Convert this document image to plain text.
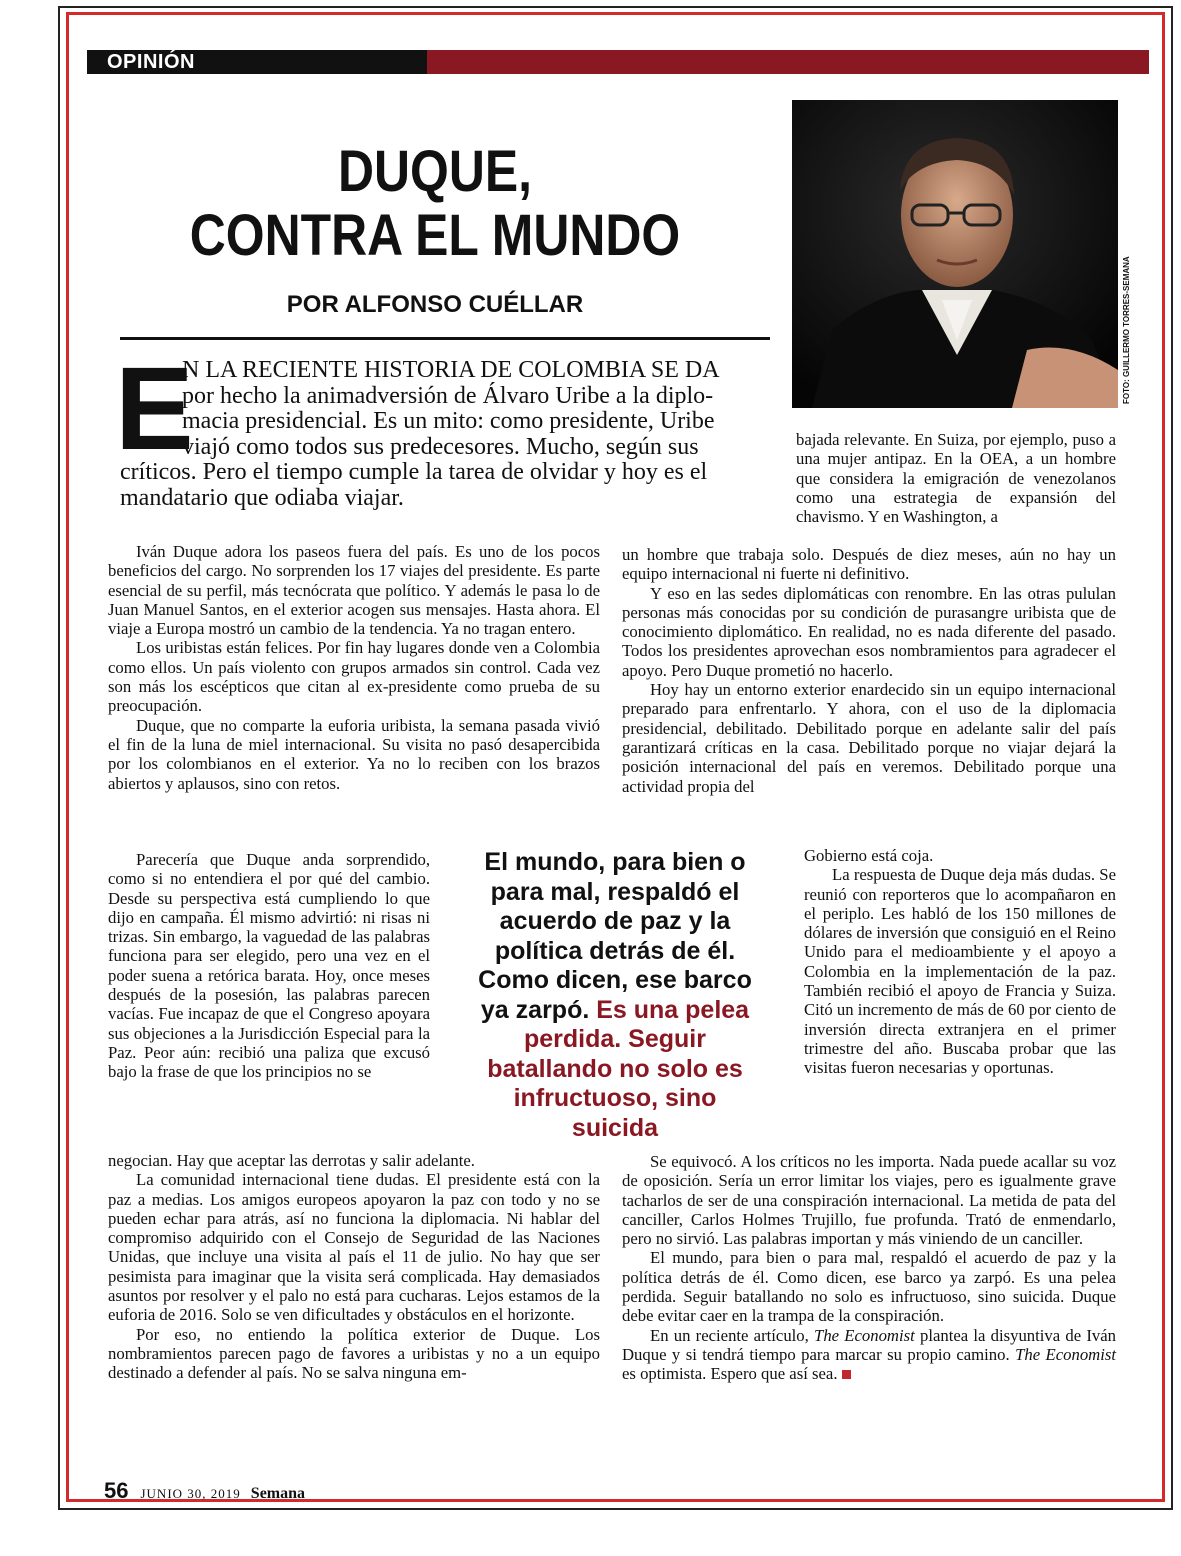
OPINIÓN
DUQUE,
CONTRA EL MUNDO
POR ALFONSO CUÉLLAR	FOTO: GUILLERMO TORRES-SEMANA
E
N LA RECIENTE HISTORIA DE COLOMBIA SE DA
por hecho la animadversión de Álvaro Uribe a la diplo-
macia presidencial. Es un mito: como presidente, Uribe
viajó como todos sus predecesores. Mucho, según sus
críticos. Pero el tiempo cumple la tarea de olvidar y hoy es el
mandatario que odiaba viajar.

Iván Duque adora los paseos fuera del país. Es uno de los pocos beneficios del cargo. No sorprenden los 17 viajes del presidente. Es parte esencial de su perfil, más tecnócrata que político. Y además le pasa lo de Juan Manuel Santos, en el exterior acogen sus mensajes. Hasta ahora. El viaje a Europa mostró un cambio de la tendencia. Ya no tragan entero.

Los uribistas están felices. Por fin hay lugares donde ven a Colombia como ellos. Un país violento con grupos armados sin control. Cada vez son más los escépticos que citan al ex-presidente como prueba de su preocupación.

Duque, que no comparte la euforia uribista, la semana pasada vivió el fin de la luna de miel internacional. Su visita no pasó desapercibida por los colombianos en el exterior. Ya no lo reciben con los brazos abiertos y aplausos, sino con retos.

Parecería que Duque anda sorprendido, como si no entendiera el por qué del cambio. Desde su perspectiva está cumpliendo lo que dijo en campaña. Él mismo advirtió: ni risas ni trizas. Sin embargo, la vaguedad de las palabras funciona para ser elegido, pero una vez en el poder suena a retórica barata. Hoy, once meses después de la posesión, las palabras parecen vacías. Fue incapaz de que el Congreso apoyara sus objeciones a la Jurisdicción Especial para la Paz. Peor aún: recibió una paliza que excusó bajo la frase de que los principios no se

negocian. Hay que aceptar las derrotas y salir adelante.

La comunidad internacional tiene dudas. El presidente está con la paz a medias. Los amigos europeos apoyaron la paz con todo y no se pueden echar para atrás, así no funciona la diplomacia. Ni hablar del compromiso adquirido con el Consejo de Seguridad de las Naciones Unidas, que incluye una visita al país el 11 de julio. No hay que ser pesimista para imaginar que la visita será complicada. Hay demasiados asuntos por resolver y el palo no está para cucharas. Lejos estamos de la euforia de 2016. Solo se ven dificultades y obstáculos en el horizonte.

Por eso, no entiendo la política exterior de Duque. Los nombramientos parecen pago de favores a uribistas y no a un equipo destinado a defender al país. No se salva ninguna em-

bajada relevante. En Suiza, por ejemplo, puso a una mujer antipaz. En la OEA, a un hombre que considera la emigración de venezolanos como una estrategia de expansión del chavismo. Y en Washington, a

un hombre que trabaja solo. Después de diez meses, aún no hay un equipo internacional ni fuerte ni definitivo.

Y eso en las sedes diplomáticas con renombre. En las otras pululan personas más conocidas por su condición de purasangre uribista que de conocimiento diplomático. En realidad, no es nada diferente del pasado. Todos los presidentes aprovechan esos nombramientos para agradecer el apoyo. Pero Duque prometió no hacerlo.

Hoy hay un entorno exterior enardecido sin un equipo internacional preparado para enfrentarlo. Y ahora, con el uso de la diplomacia presidencial, debilitado. Debilitado porque en adelante salir del país garantizará críticas en la casa. Debilitado porque no viajar dejará la posición internacional del país en veremos. Debilitado porque una actividad propia del

Gobierno está coja.

La respuesta de Duque deja más dudas. Se reunió con reporteros que lo acompañaron en el periplo. Les habló de los 150 millones de dólares de inversión que consiguió en el Reino Unido para el medioambiente y el apoyo a Colombia en la implementación de la paz. También recibió el apoyo de Francia y Suiza. Citó un incremento de más de 60 por ciento de inversión directa extranjera en el primer trimestre del año. Buscaba probar que las visitas fueron necesarias y oportunas.

Se equivocó. A los críticos no les importa. Nada puede acallar su voz de oposición. Sería un error limitar los viajes, pero es igualmente grave tacharlos de ser de una conspiración internacional. La metida de pata del canciller, Carlos Holmes Trujillo, fue profunda. Trató de enmendarlo, pero no sirvió. Las palabras importan y más viniendo de un canciller.

El mundo, para bien o para mal, respaldó el acuerdo de paz y la política detrás de él. Como dicen, ese barco ya zarpó. Es una pelea perdida. Seguir batallando no solo es infructuoso, sino suicida. Duque debe evitar caer en la trampa de la conspiración.

En un reciente artículo, The Economist plantea la disyuntiva de Iván Duque y si tendrá tiempo para marcar su propio camino. The Economist es optimista. Espero que así sea.

El mundo, para bien o para mal, respaldó el acuerdo de paz y la política detrás de él. Como dicen, ese barco ya zarpó. Es una pelea perdida. Seguir batallando no solo es infructuoso, sino suicida
56 JUNIO 30, 2019 Semana
